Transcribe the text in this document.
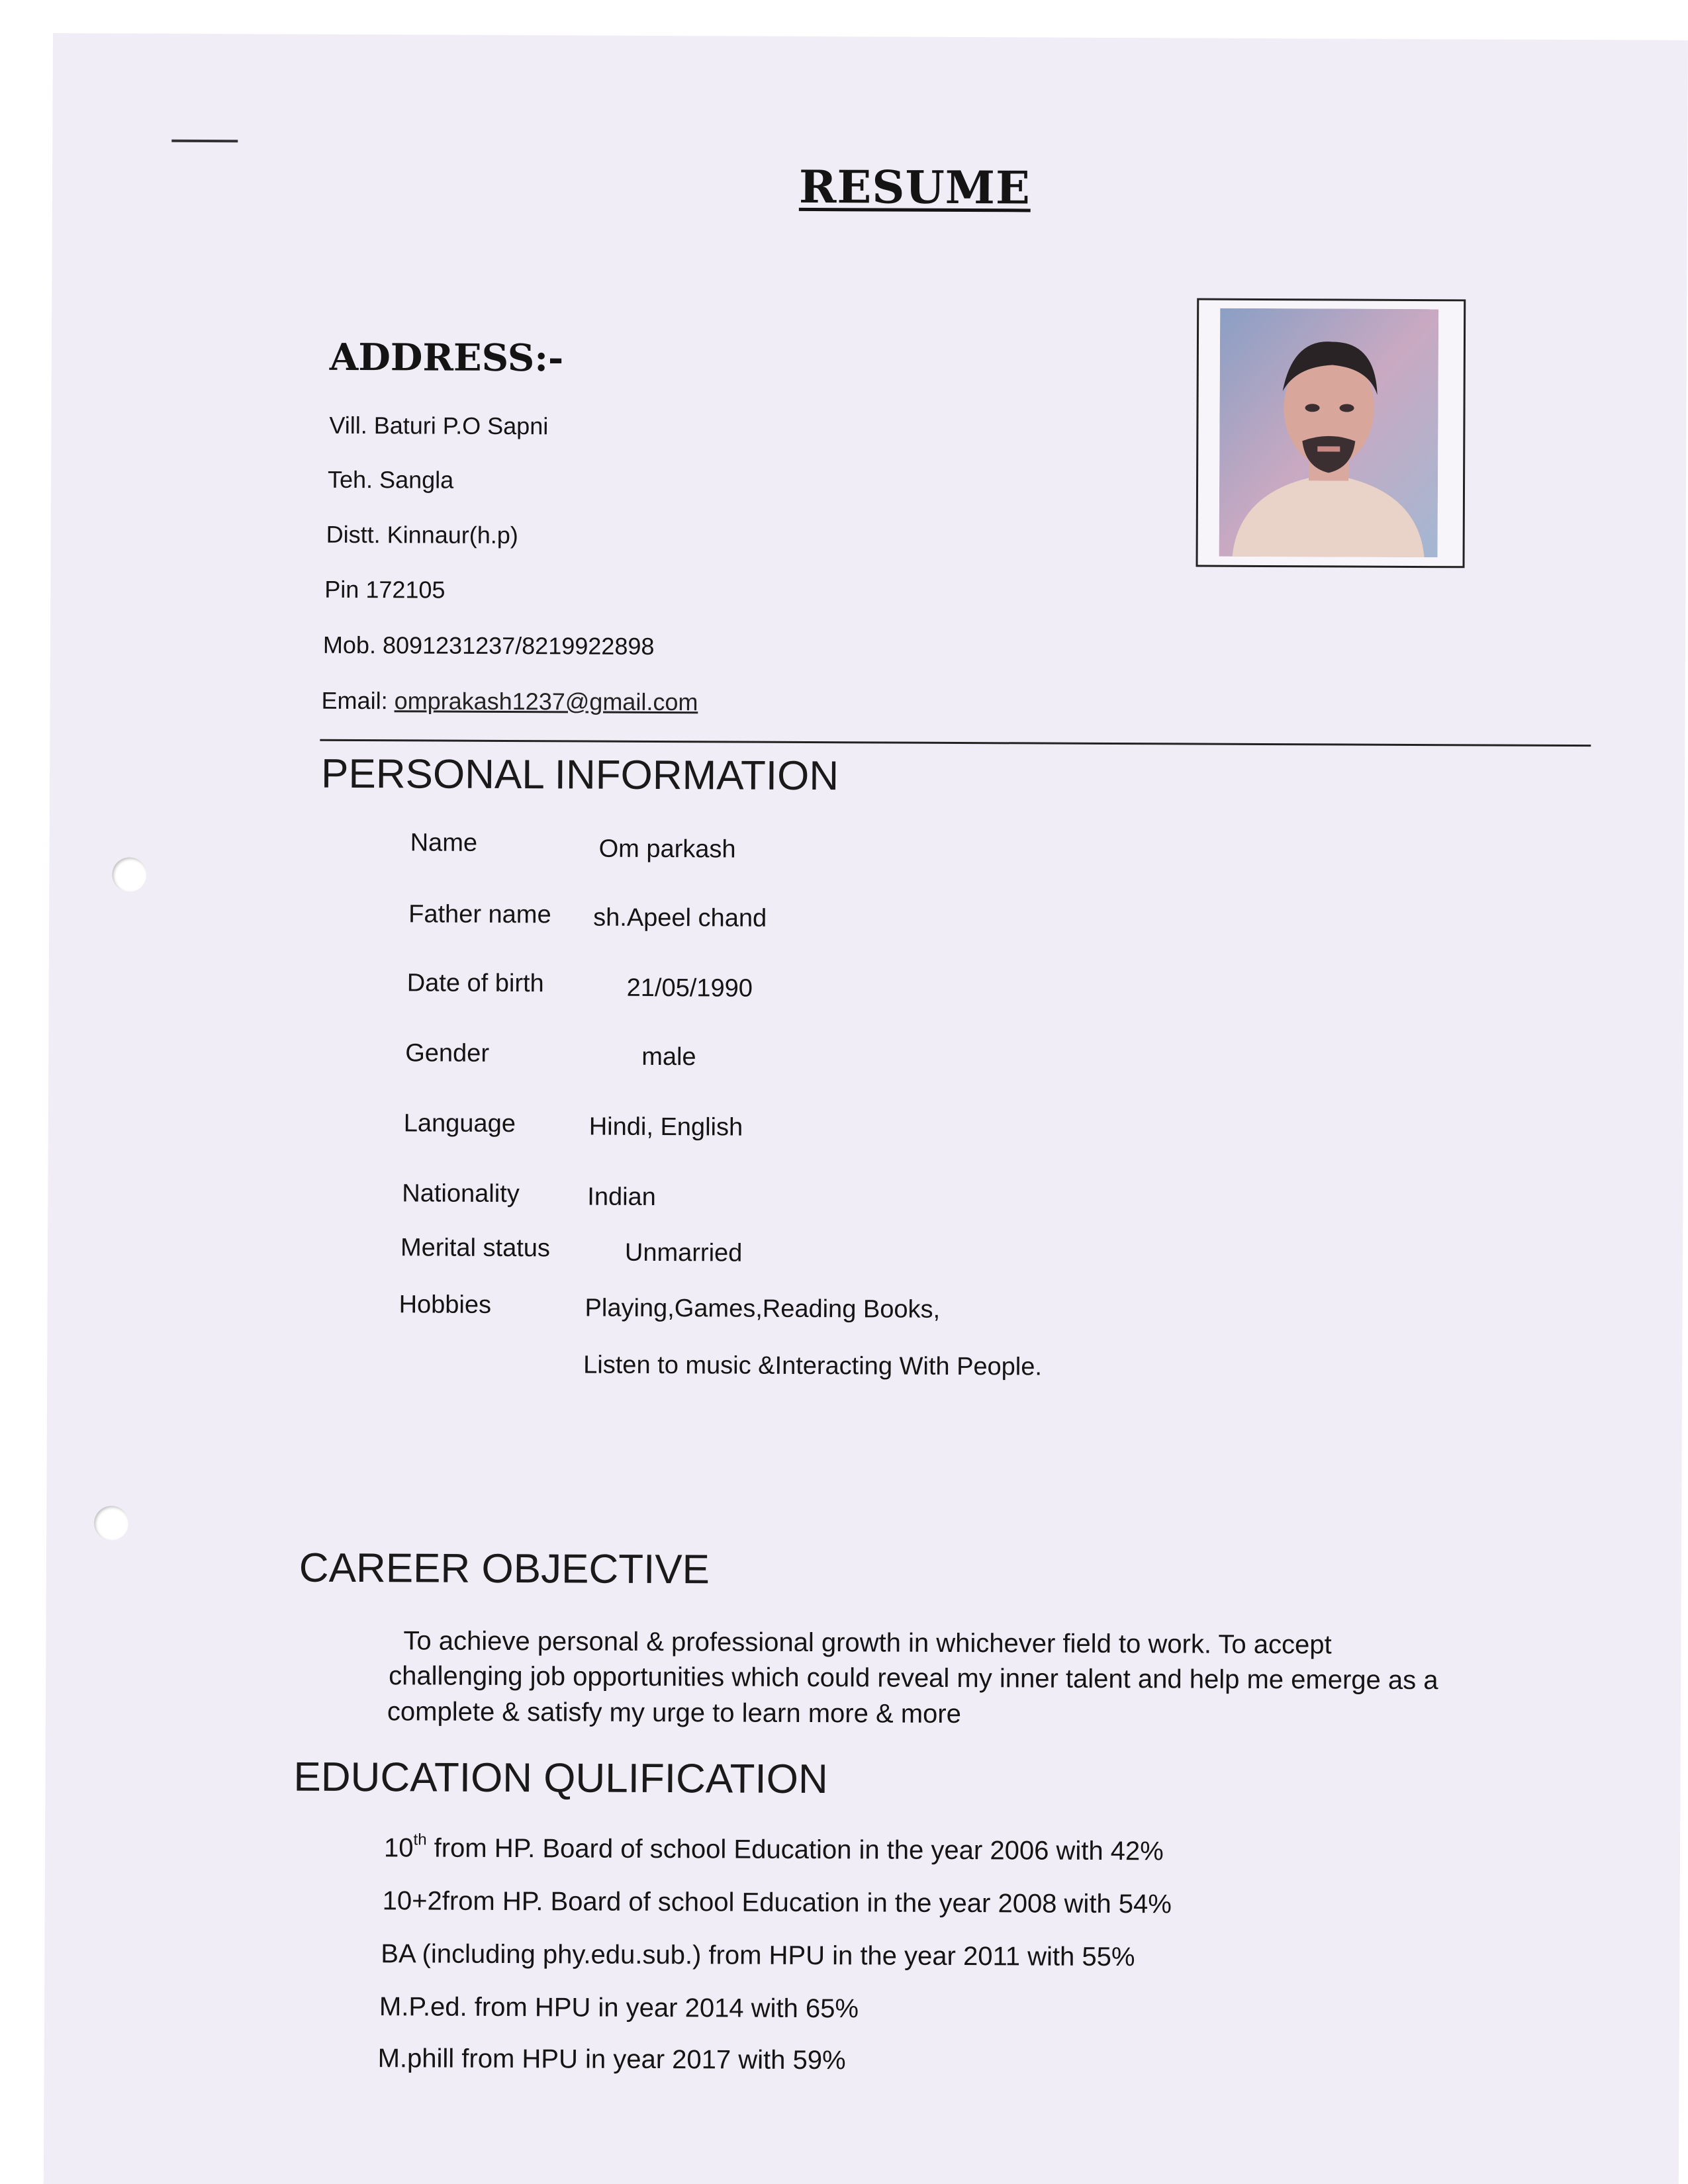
RESUME
ADDRESS:-
Vill. Baturi P.O Sapni
Teh. Sangla
Distt. Kinnaur(h.p)
Pin 172105
Mob. 8091231237/8219922898
Email: omprakash1237@gmail.com
PERSONAL INFORMATION
Name	Om parkash
Father name sh.Apeel chand
Date of birth	21/05/1990
Gender	male
Language	Hindi, English
Nationality	Indian
Merital status	Unmarried
Hobbies	Playing,Games,Reading Books,
Listen to music &Interacting With People.
CAREER OBJECTIVE
To achieve personal & professional growth in whichever field to work. To accept
challenging job opportunities which could reveal my inner talent and help me emerge as a
complete & satisfy my urge to learn more & more
EDUCATION QULIFICATION
10th from HP. Board of school Education in the year 2006 with 42%
10+2from HP. Board of school Education in the year 2008 with 54%
BA (including phy.edu.sub.) from HPU in the year 2011 with 55%
M.P.ed. from HPU in year 2014 with 65%
M.phill from HPU in year 2017 with 59%
